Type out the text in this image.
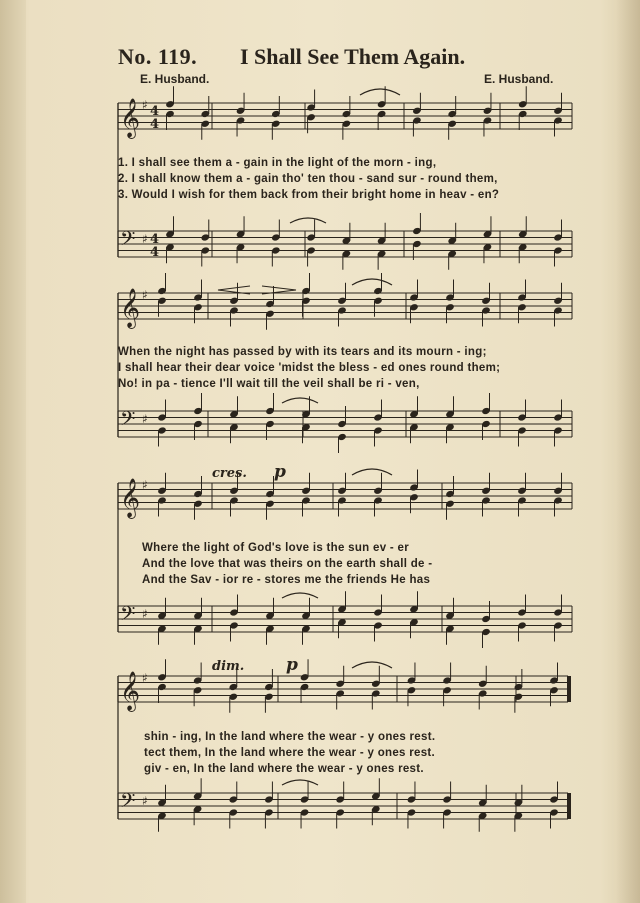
No. 119. I Shall See Them Again.
E. Husband.	E. Husband.
𝄞 ♯ 4
4
𝄢 ♯ 4
4
𝄞 ♯
𝄢 ♯
𝄞 ♯
𝄢 ♯
𝄞 ♯
𝄢 ♯
cres. p
dim. p
1. I shall see them a - gain in the light of the morn - ing,
2. I shall know them a - gain tho' ten thou - sand sur - round them,
3. Would I wish for them back from their bright home in heav - en?
When the night has passed by with its tears and its mourn - ing;
I shall hear their dear voice 'midst the bless - ed ones round them;
No! in pa - tience I'll wait till the veil shall be ri - ven,
Where the light of God's love is the sun ev - er
And the love that was theirs on the earth shall de -
And the Sav - ior re - stores me the friends He has
shin - ing, In the land where the wear - y ones rest.
tect them, In the land where the wear - y ones rest.
giv - en, In the land where the wear - y ones rest.
